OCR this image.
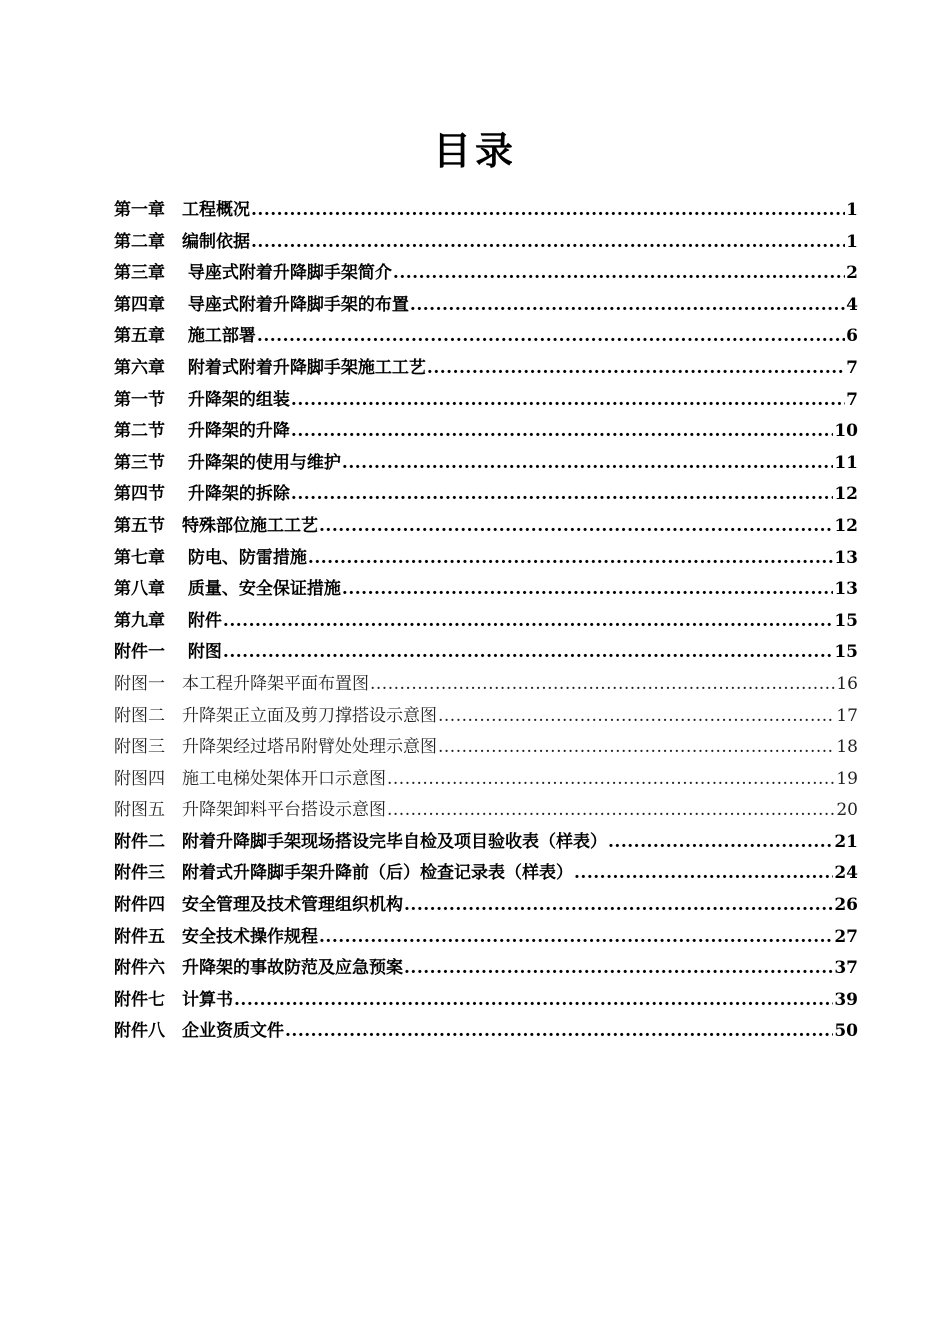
目录
第一章　工程概况 .....	1
第二章　编制依据 .....	1
第三章　 导座式附着升降脚手架简介 .....	2
第四章　 导座式附着升降脚手架的布置 .....	4
第五章　 施工部署 .....	6
第六章　 附着式附着升降脚手架施工工艺 .....	7
第一节　 升降架的组装 .....	7
第二节　 升降架的升降 .....	10
第三节　 升降架的使用与维护 .....	11
第四节　 升降架的拆除 .....	12
第五节　特殊部位施工工艺 .....	12
第七章　 防电、防雷措施 .....	13
第八章　 质量、安全保证措施 .....	13
第九章　 附件 .....	15
附件一　 附图 .....	15
附图一　本工程升降架平面布置图 .....	16
附图二　升降架正立面及剪刀撑搭设示意图 .....	17
附图三　升降架经过塔吊附臂处处理示意图 .....	18
附图四　施工电梯处架体开口示意图 .....	19
附图五　升降架卸料平台搭设示意图 .....	20
附件二　附着升降脚手架现场搭设完毕自检及项目验收表（样表） .....	21
附件三　附着式升降脚手架升降前（后）检查记录表（样表） .....	24
附件四　安全管理及技术管理组织机构 .....	26
附件五　安全技术操作规程 .....	27
附件六　升降架的事故防范及应急预案 .....	37
附件七　计算书 .....	39
附件八　企业资质文件 .....	50
